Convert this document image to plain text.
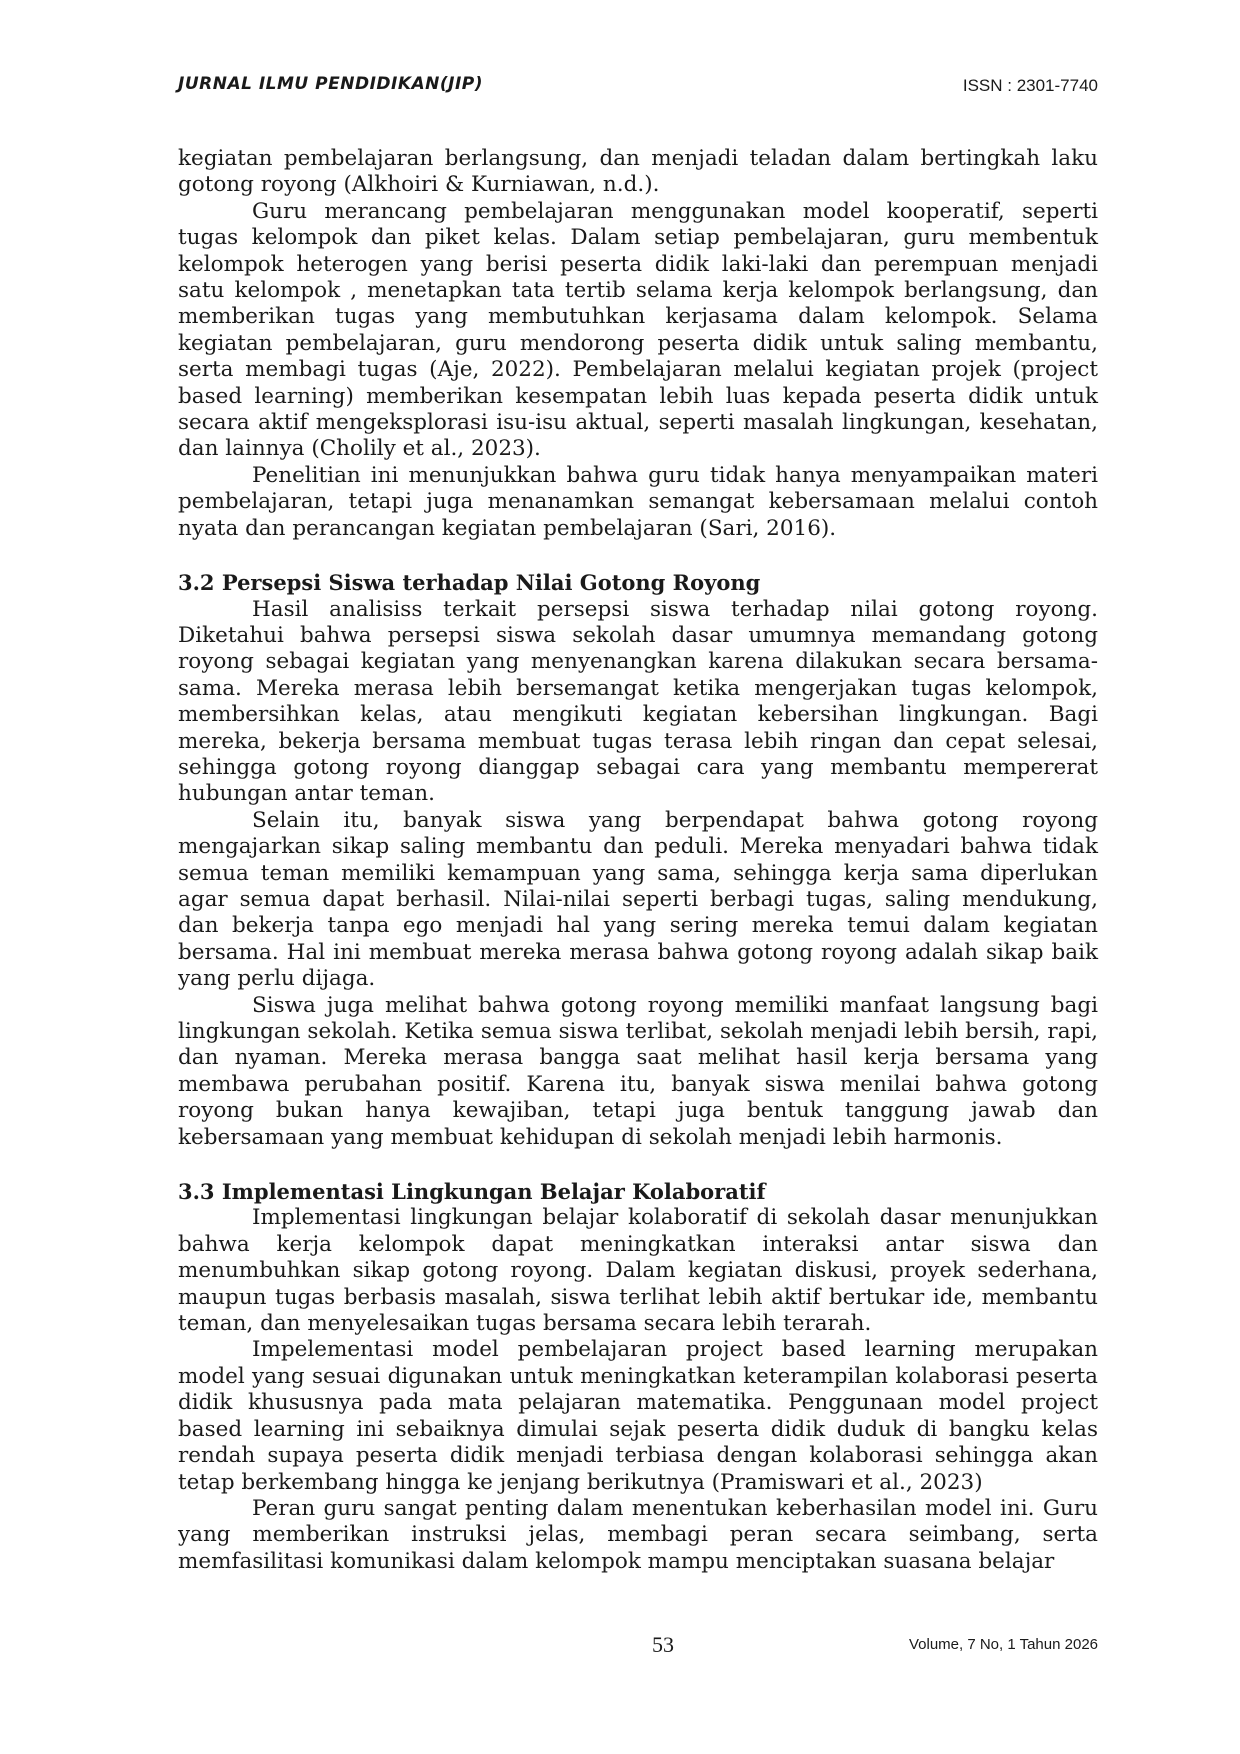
JURNAL ILMU PENDIDIKAN(JIP)	ISSN : 2301-7740

kegiatan pembelajaran berlangsung, dan menjadi teladan dalam bertingkah laku gotong royong (Alkhoiri & Kurniawan, n.d.).

Guru merancang pembelajaran menggunakan model kooperatif, seperti tugas kelompok dan piket kelas. Dalam setiap pembelajaran, guru membentuk kelompok heterogen yang berisi peserta didik laki-laki dan perempuan menjadi satu kelompok , menetapkan tata tertib selama kerja kelompok berlangsung, dan memberikan tugas yang membutuhkan kerjasama dalam kelompok. Selama kegiatan pembelajaran, guru mendorong peserta didik untuk saling membantu, serta membagi tugas (Aje, 2022). Pembelajaran melalui kegiatan projek (project based learning) memberikan kesempatan lebih luas kepada peserta didik untuk secara aktif mengeksplorasi isu-isu aktual, seperti masalah lingkungan, kesehatan, dan lainnya (Cholily et al., 2023).

Penelitian ini menunjukkan bahwa guru tidak hanya menyampaikan materi pembelajaran, tetapi juga menanamkan semangat kebersamaan melalui contoh nyata dan perancangan kegiatan pembelajaran (Sari, 2016).

3.2 Persepsi Siswa terhadap Nilai Gotong Royong

Hasil analisiss terkait persepsi siswa terhadap nilai gotong royong. Diketahui bahwa persepsi siswa sekolah dasar umumnya memandang gotong royong sebagai kegiatan yang menyenangkan karena dilakukan secara bersama-sama. Mereka merasa lebih bersemangat ketika mengerjakan tugas kelompok, membersihkan kelas, atau mengikuti kegiatan kebersihan lingkungan. Bagi mereka, bekerja bersama membuat tugas terasa lebih ringan dan cepat selesai, sehingga gotong royong dianggap sebagai cara yang membantu mempererat hubungan antar teman.

Selain itu, banyak siswa yang berpendapat bahwa gotong royong mengajarkan sikap saling membantu dan peduli. Mereka menyadari bahwa tidak semua teman memiliki kemampuan yang sama, sehingga kerja sama diperlukan agar semua dapat berhasil. Nilai-nilai seperti berbagi tugas, saling mendukung, dan bekerja tanpa ego menjadi hal yang sering mereka temui dalam kegiatan bersama. Hal ini membuat mereka merasa bahwa gotong royong adalah sikap baik yang perlu dijaga.

Siswa juga melihat bahwa gotong royong memiliki manfaat langsung bagi lingkungan sekolah. Ketika semua siswa terlibat, sekolah menjadi lebih bersih, rapi, dan nyaman. Mereka merasa bangga saat melihat hasil kerja bersama yang membawa perubahan positif. Karena itu, banyak siswa menilai bahwa gotong royong bukan hanya kewajiban, tetapi juga bentuk tanggung jawab dan kebersamaan yang membuat kehidupan di sekolah menjadi lebih harmonis.

3.3 Implementasi Lingkungan Belajar Kolaboratif

Implementasi lingkungan belajar kolaboratif di sekolah dasar menunjukkan bahwa kerja kelompok dapat meningkatkan interaksi antar siswa dan menumbuhkan sikap gotong royong. Dalam kegiatan diskusi, proyek sederhana, maupun tugas berbasis masalah, siswa terlihat lebih aktif bertukar ide, membantu teman, dan menyelesaikan tugas bersama secara lebih terarah.

Impelementasi model pembelajaran project based learning merupakan model yang sesuai digunakan untuk meningkatkan keterampilan kolaborasi peserta didik khususnya pada mata pelajaran matematika. Penggunaan model project based learning ini sebaiknya dimulai sejak peserta didik duduk di bangku kelas rendah supaya peserta didik menjadi terbiasa dengan kolaborasi sehingga akan tetap berkembang hingga ke jenjang berikutnya (Pramiswari et al., 2023)

Peran guru sangat penting dalam menentukan keberhasilan model ini. Guru yang memberikan instruksi jelas, membagi peran secara seimbang, serta memfasilitasi komunikasi dalam kelompok mampu menciptakan suasana belajar

53	Volume, 7 No, 1 Tahun 2026
